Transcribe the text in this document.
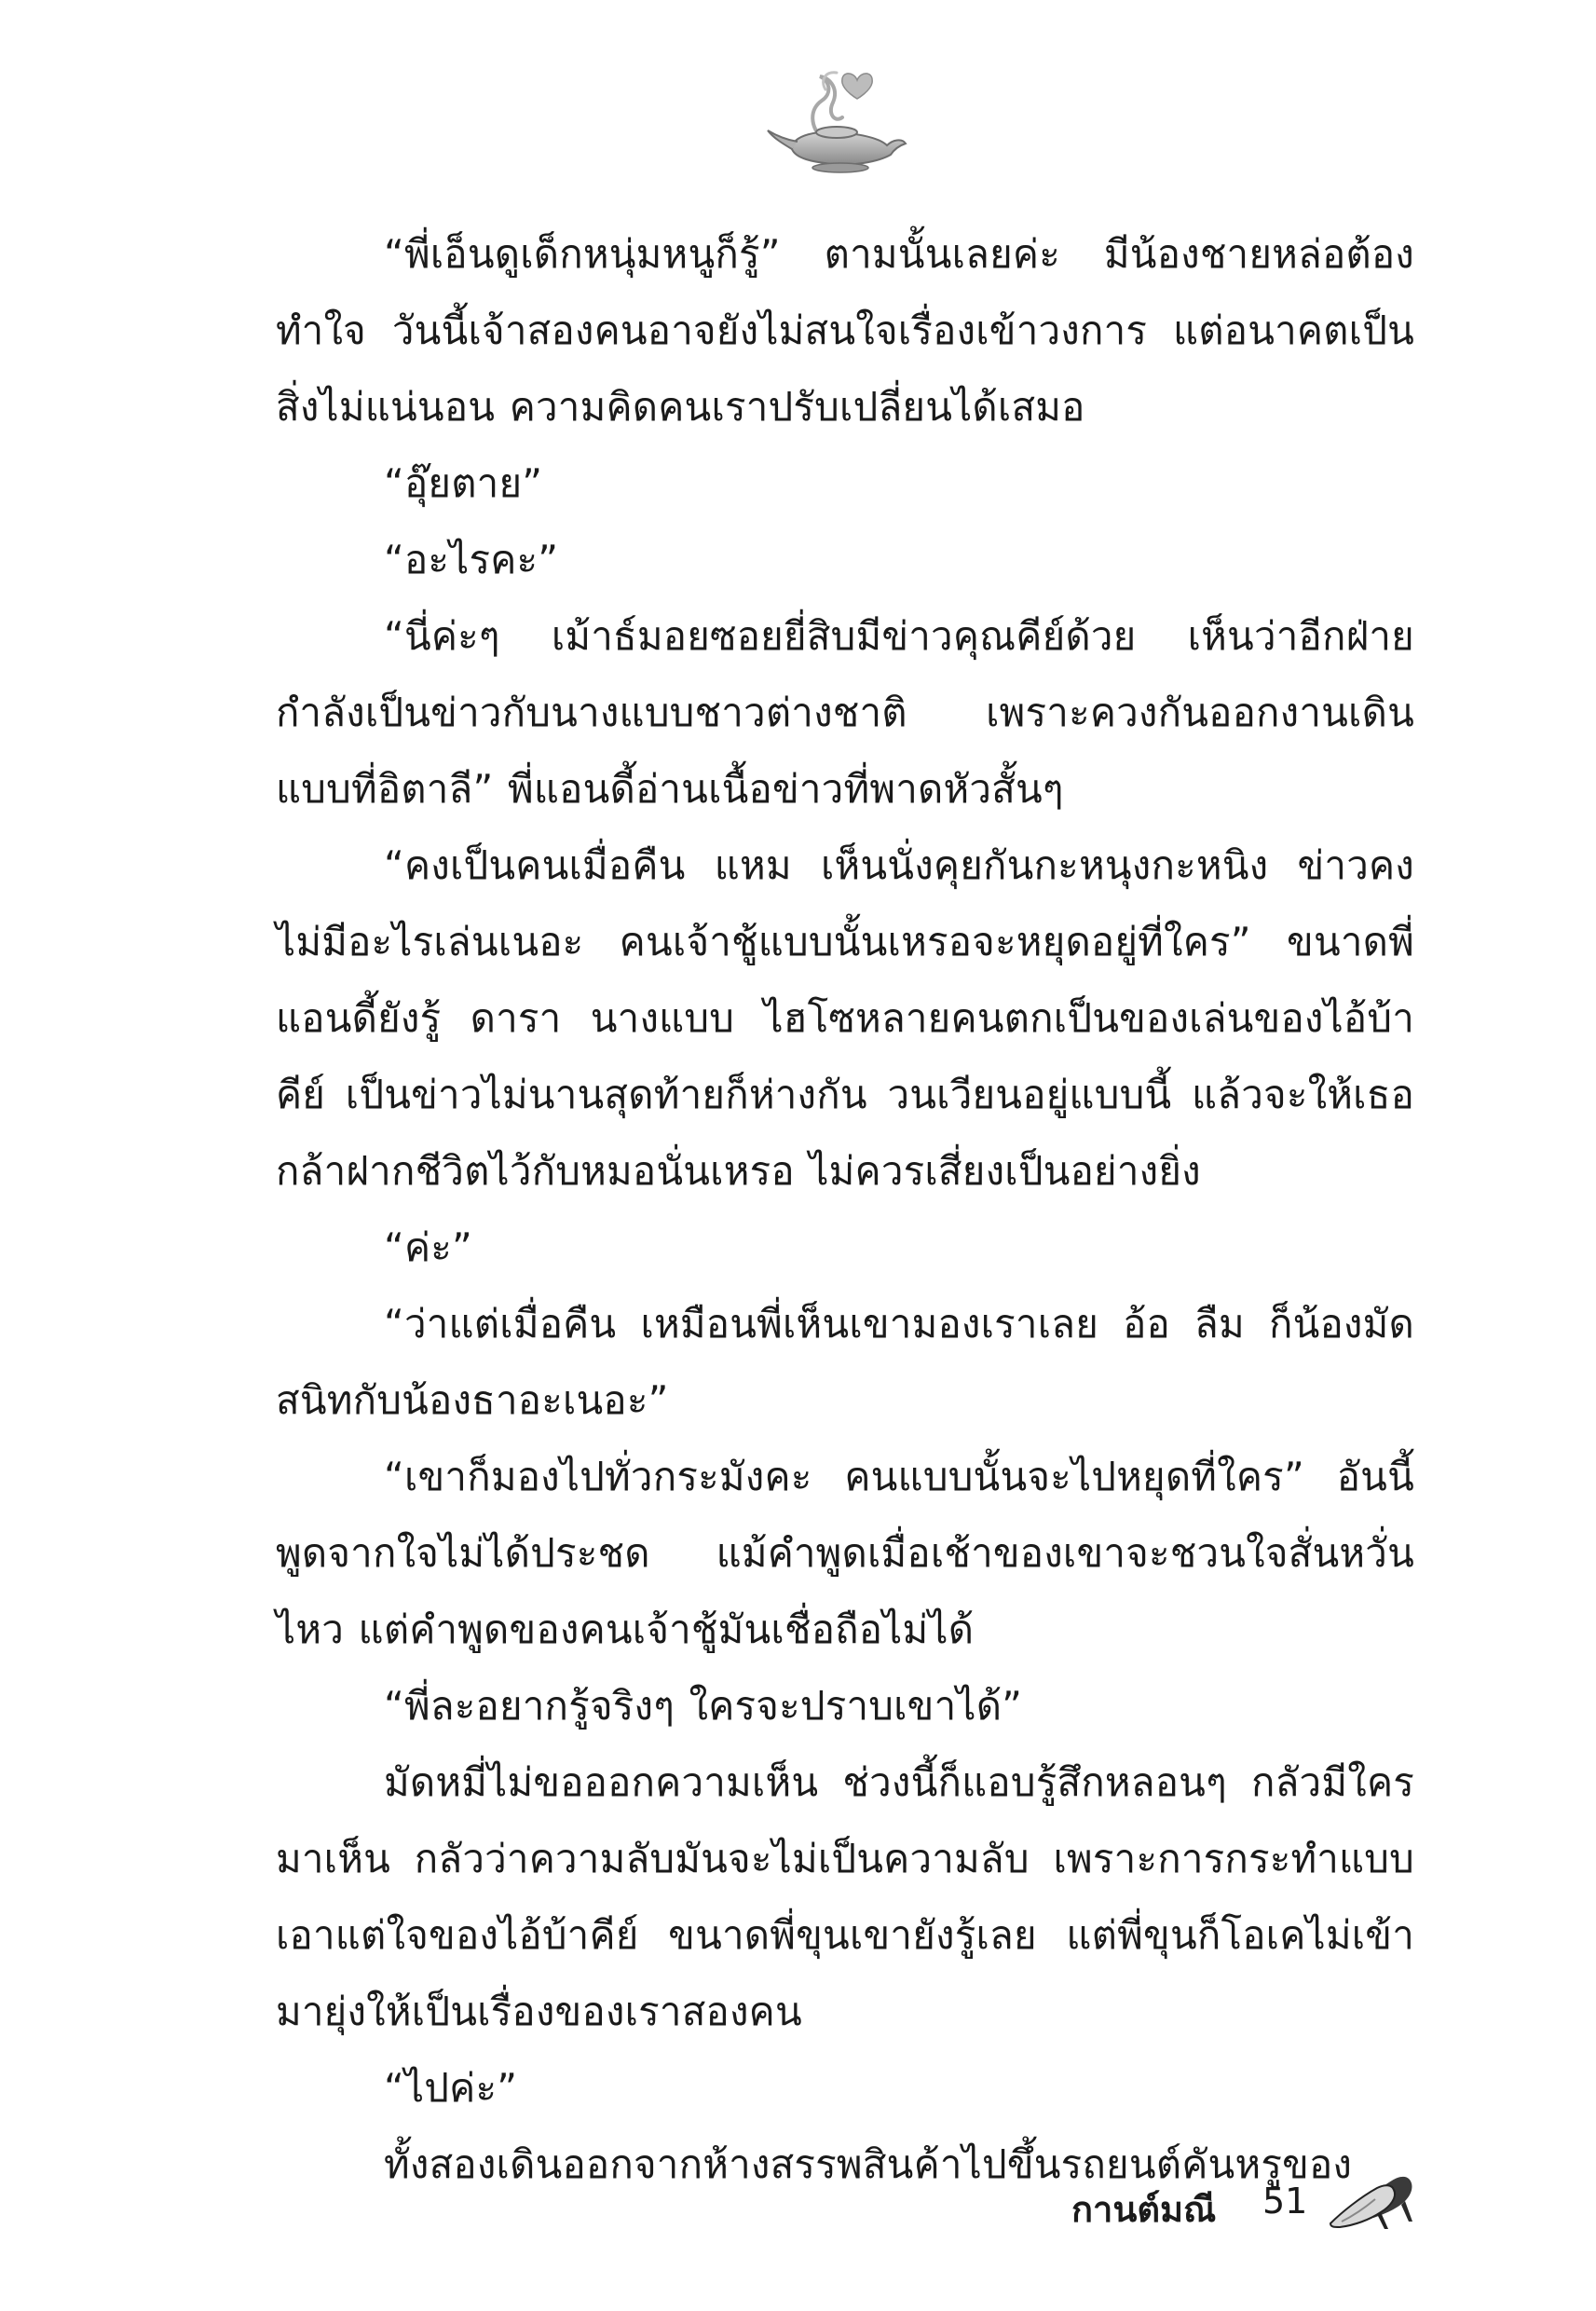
“พี่เอ็นดูเด็กหนุ่มหนูก็รู้” ตามนั้นเลยค่ะ มีน้องชายหล่อต้องทำใจ วันนี้เจ้าสองคนอาจยังไม่สนใจเรื่องเข้าวงการ แต่อนาคตเป็นสิ่งไม่แน่นอน ความคิดคนเราปรับเปลี่ยนได้เสมอ

“อุ๊ยตาย”

“อะไรคะ”

“นี่ค่ะๆ เม้าธ์มอยซอยยี่สิบมีข่าวคุณคีย์ด้วย เห็นว่าอีกฝ่ายกำลังเป็นข่าวกับนางแบบชาวต่างชาติ เพราะควงกันออกงานเดินแบบที่อิตาลี” พี่แอนดี้อ่านเนื้อข่าวที่พาดหัวสั้นๆ

“คงเป็นคนเมื่อคืน แหม เห็นนั่งคุยกันกะหนุงกะหนิง ข่าวคงไม่มีอะไรเล่นเนอะ คนเจ้าชู้แบบนั้นเหรอจะหยุดอยู่ที่ใคร” ขนาดพี่แอนดี้ยังรู้ ดารา นางแบบ ไฮโซหลายคนตกเป็นของเล่นของไอ้บ้าคีย์ เป็นข่าวไม่นานสุดท้ายก็ห่างกัน วนเวียนอยู่แบบนี้ แล้วจะให้เธอกล้าฝากชีวิตไว้กับหมอนั่นเหรอ ไม่ควรเสี่ยงเป็นอย่างยิ่ง

“ค่ะ”

“ว่าแต่เมื่อคืน เหมือนพี่เห็นเขามองเราเลย อ้อ ลืม ก็น้องมัดสนิทกับน้องธาอะเนอะ”

“เขาก็มองไปทั่วกระมังคะ คนแบบนั้นจะไปหยุดที่ใคร” อันนี้พูดจากใจไม่ได้ประชด แม้คำพูดเมื่อเช้าของเขาจะชวนใจสั่นหวั่นไหว แต่คำพูดของคนเจ้าชู้มันเชื่อถือไม่ได้

“พี่ละอยากรู้จริงๆ ใครจะปราบเขาได้”

มัดหมี่ไม่ขอออกความเห็น ช่วงนี้ก็แอบรู้สึกหลอนๆ กลัวมีใครมาเห็น กลัวว่าความลับมันจะไม่เป็นความลับ เพราะการกระทำแบบเอาแต่ใจของไอ้บ้าคีย์ ขนาดพี่ขุนเขายังรู้เลย แต่พี่ขุนก็โอเคไม่เข้ามายุ่งให้เป็นเรื่องของเราสองคน

“ไปค่ะ”

ทั้งสองเดินออกจากห้างสรรพสินค้าไปขึ้นรถยนต์คันหรูของ

กานต์มณี 51
